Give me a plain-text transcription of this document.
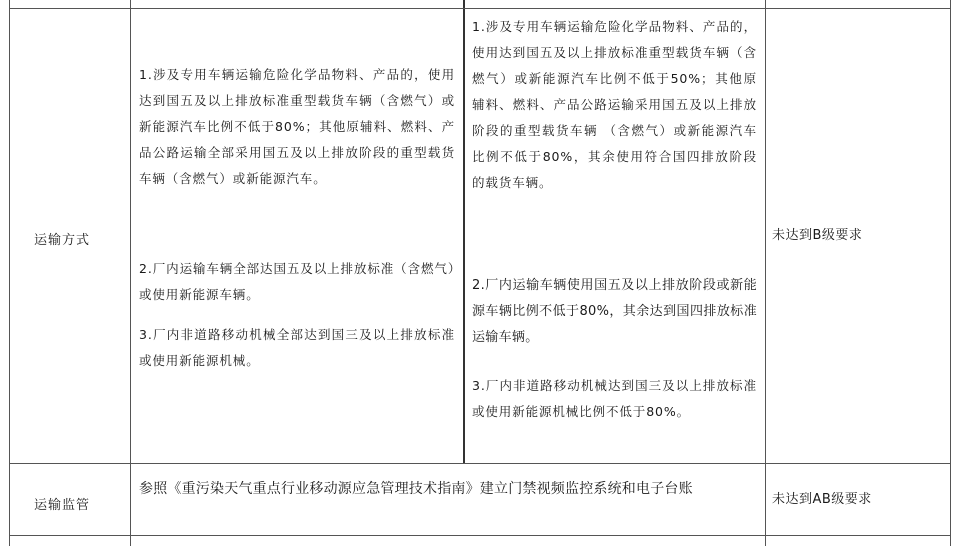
运输方式

1.涉及专用车辆运输危险化学品物料、产品的，使用达到国五及以上排放标准重型载货车辆（含燃气）或新能源汽车比例不低于80%；其他原辅料、燃料、产品公路运输全部采用国五及以上排放阶段的重型载货车辆（含燃气）或新能源汽车。

2.厂内运输车辆全部达国五及以上排放标准（含燃气）或使用新能源车辆。

3.厂内非道路移动机械全部达到国三及以上排放标准或使用新能源机械。

1.涉及专用车辆运输危险化学品物料、产品的，使用达到国五及以上排放标准重型载货车辆（含燃气）或新能源汽车比例不低于50%；其他原辅料、燃料、产品公路运输采用国五及以上排放阶段的重型载货车辆 （含燃气）或新能源汽车比例不低于80%，其余使用符合国四排放阶段的载货车辆。

2.厂内运输车辆使用国五及以上排放阶段或新能源车辆比例不低于80%，其余达到国四排放标准运输车辆。

3.厂内非道路移动机械达到国三及以上排放标准或使用新能源机械比例不低于80%。

未达到B级要求
运输监管

参照《重污染天气重点行业移动源应急管理技术指南》建立门禁视频监控系统和电子台账

未达到AB级要求
